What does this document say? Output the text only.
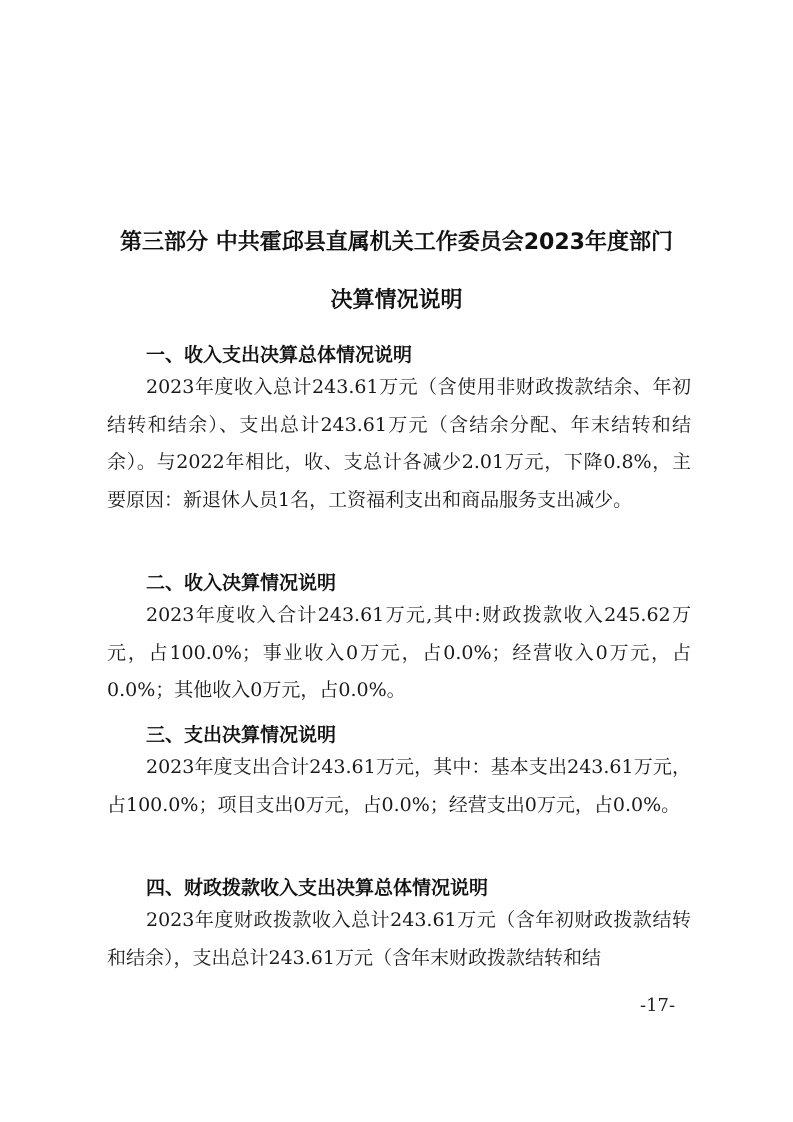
第三部分 中共霍邱县直属机关工作委员会2023年度部门
决算情况说明
一、收入支出决算总体情况说明
2023年度收入总计243.61万元（含使用非财政拨款结余、年初结转和结余）、支出总计243.61万元（含结余分配、年末结转和结余）。与2022年相比，收、支总计各减少2.01万元，下降0.8%，主要原因：新退休人员1名，工资福利支出和商品服务支出减少。
二、收入决算情况说明
2023年度收入合计243.61万元,其中:财政拨款收入245.62万元，占100.0%；事业收入0万元，占0.0%；经营收入0万元，占0.0%；其他收入0万元，占0.0%。
三、支出决算情况说明
2023年度支出合计243.61万元，其中：基本支出243.61万元，占100.0%；项目支出0万元，占0.0%；经营支出0万元，占0.0%。
四、财政拨款收入支出决算总体情况说明
2023年度财政拨款收入总计243.61万元（含年初财政拨款结转和结余），支出总计243.61万元（含年末财政拨款结转和结
-17-
